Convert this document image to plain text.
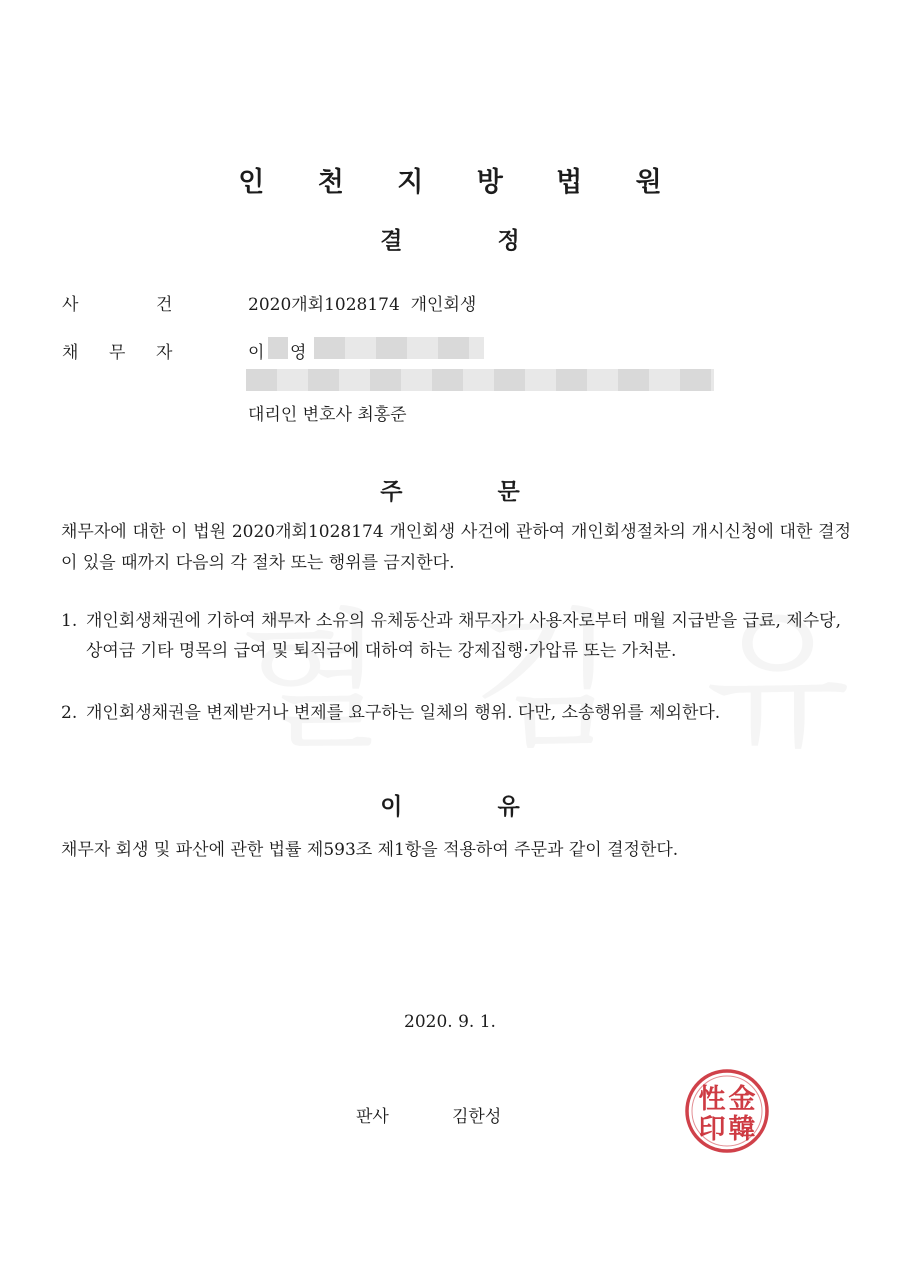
인 천 지 방 법 원
결	정
사	건	2020개회1028174  개인회생
채 무 자	이 영
대리인 변호사 최홍준
주	문
채무자에 대한 이 법원 2020개회1028174 개인회생 사건에 관하여 개인회생절차의 개시신청에 대한 결정이 있을 때까지 다음의 각 절차 또는 행위를 금지한다.
1. 개인회생채권에 기하여 채무자 소유의 유체동산과 채무자가 사용자로부터 매월 지급받을 급료, 제수당, 상여금 기타 명목의 급여 및 퇴직금에 대하여 하는 강제집행·가압류 또는 가처분.
2. 개인회생채권을 변제받거나 변제를 요구하는 일체의 행위. 다만, 소송행위를 제외한다.
이	유
채무자 회생 및 파산에 관한 법률 제593조 제1항을 적용하여 주문과 같이 결정한다.
2020. 9. 1.
판사	김한성
金
韓
性
印
